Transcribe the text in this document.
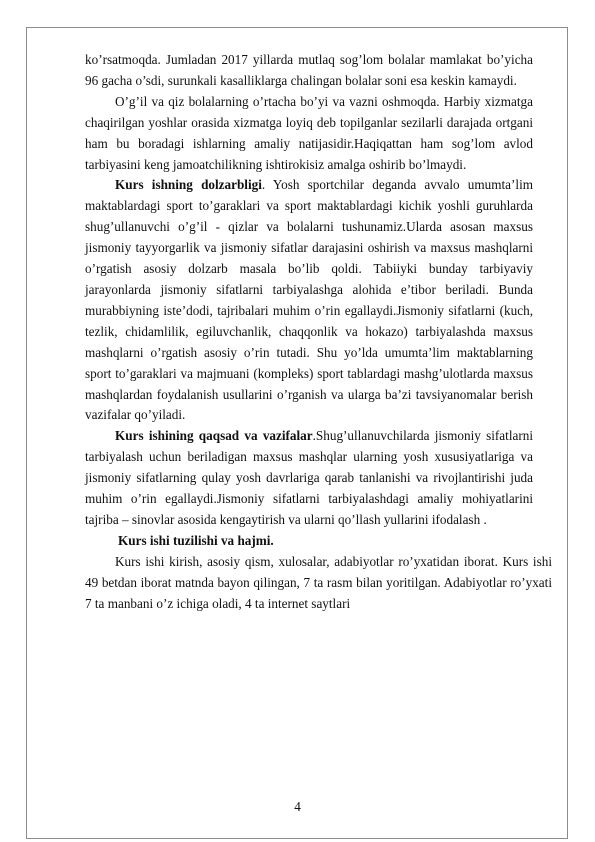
ko’rsatmoqda. Jumladan 2017 yillarda mutlaq sog’lom bolalar mamlakat bo’yicha 96 gacha o’sdi, surunkali kasalliklarga chalingan bolalar soni esa keskin kamaydi.

O’g’il va qiz bolalarning o’rtacha bo’yi va vazni oshmoqda. Harbiy xizmatga chaqirilgan yoshlar orasida xizmatga loyiq deb topilganlar sezilarli darajada ortgani ham bu boradagi ishlarning amaliy natijasidir.Haqiqattan ham sog’lom avlod tarbiyasini keng jamoatchilikning ishtirokisiz amalga oshirib bo’lmaydi.

Kurs ishning dolzarbligi. Yosh sportchilar deganda avvalo umumta’lim maktablardagi sport to’garaklari va sport maktablardagi kichik yoshli guruhlarda shug’ullanuvchi o’g’il - qizlar va bolalarni tushunamiz.Ularda asosan maxsus jismoniy tayyorgarlik va jismoniy sifatlar darajasini oshirish va maxsus mashqlarni o’rgatish asosiy dolzarb masala bo’lib qoldi. Tabiiyki bunday tarbiyaviy jarayonlarda jismoniy sifatlarni tarbiyalashga alohida e’tibor beriladi. Bunda murabbiyning iste’dodi, tajribalari muhim o’rin egallaydi.Jismoniy sifatlarni (kuch, tezlik, chidamlilik, egiluvchanlik, chaqqonlik va hokazo) tarbiyalashda maxsus mashqlarni o’rgatish asosiy o’rin tutadi. Shu yo’lda umumta’lim maktablarning sport to’garaklari va majmuani (kompleks) sport tablardagi mashg’ulotlarda maxsus mashqlardan foydalanish usullarini o’rganish va ularga ba’zi tavsiyanomalar berish vazifalar qo’yiladi.

Kurs ishining qaqsad va vazifalar.Shug’ullanuvchilarda jismoniy sifatlarni tarbiyalash uchun beriladigan maxsus mashqlar ularning yosh xususiyatlariga va jismoniy sifatlarning qulay yosh davrlariga qarab tanlanishi va rivojlantirishi juda muhim o’rin egallaydi.Jismoniy sifatlarni tarbiyalashdagi amaliy mohiyatlarini tajriba – sinovlar asosida kengaytirish va ularni qo’llash yullarini ifodalash .

Kurs ishi tuzilishi va hajmi.

Kurs ishi kirish, asosiy qism, xulosalar, adabiyotlar ro’yxatidan iborat. Kurs ishi 49 betdan iborat matnda bayon qilingan, 7 ta rasm bilan yoritilgan. Adabiyotlar ro’yxati 7 ta manbani o’z ichiga oladi, 4 ta internet saytlari

4
